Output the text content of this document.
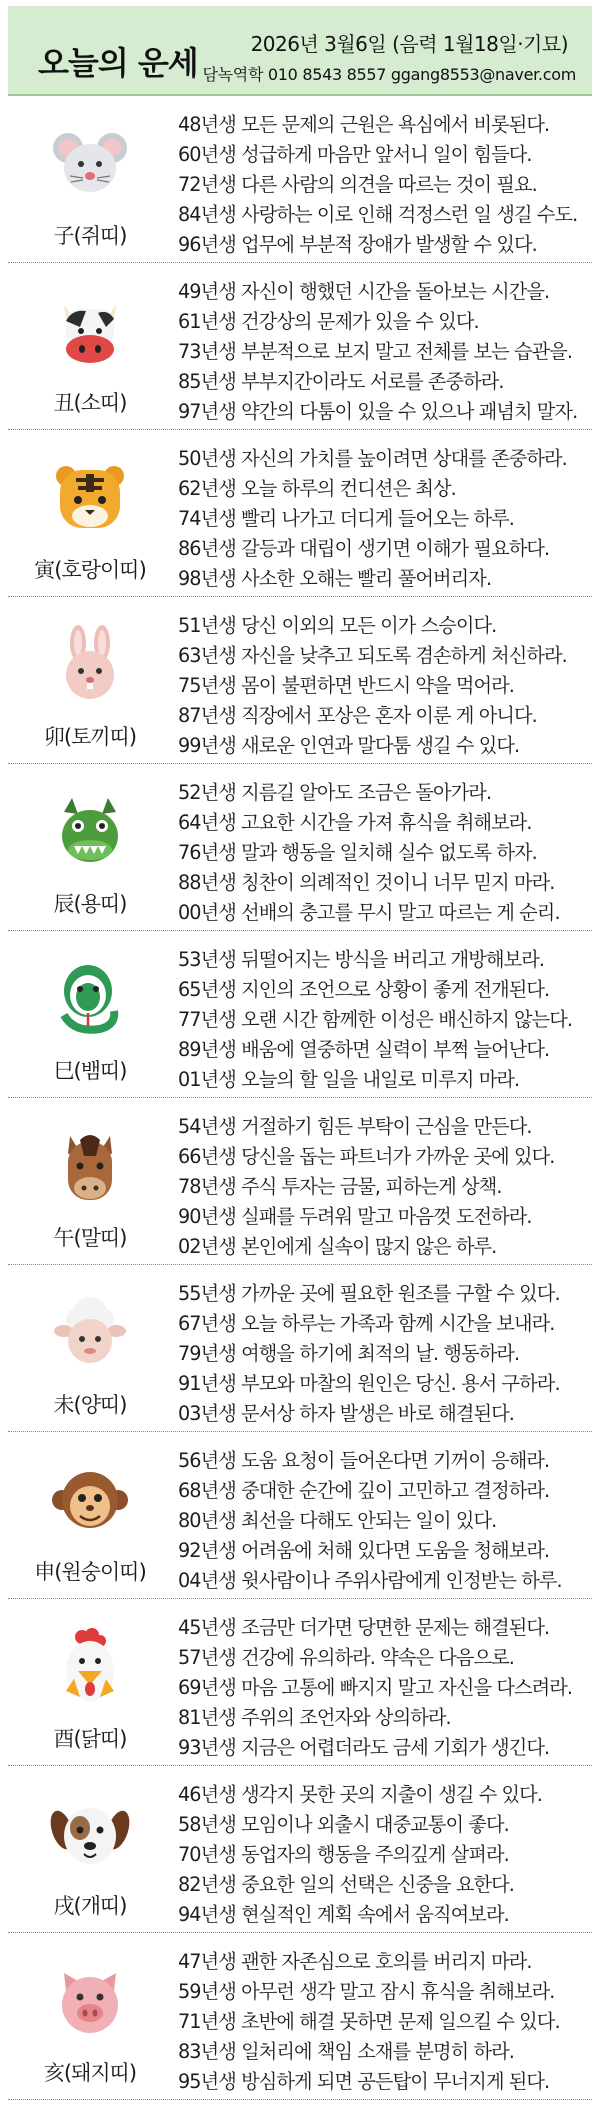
오늘의 운세	2026년 3월6일 (음력 1월18일·기묘)
담녹역학 010 8543 8557 ggang8553@naver.com
子(쥐띠)
48년생 모든 문제의 근원은 욕심에서 비롯된다.
60년생 성급하게 마음만 앞서니 일이 힘들다.
72년생 다른 사람의 의견을 따르는 것이 필요.
84년생 사랑하는 이로 인해 걱정스런 일 생길 수도.
96년생 업무에 부분적 장애가 발생할 수 있다.
丑(소띠)
49년생 자신이 행했던 시간을 돌아보는 시간을.
61년생 건강상의 문제가 있을 수 있다.
73년생 부분적으로 보지 말고 전체를 보는 습관을.
85년생 부부지간이라도 서로를 존중하라.
97년생 약간의 다툼이 있을 수 있으나 괘념치 말자.
寅(호랑이띠)
50년생 자신의 가치를 높이려면 상대를 존중하라.
62년생 오늘 하루의 컨디션은 최상.
74년생 빨리 나가고 더디게 들어오는 하루.
86년생 갈등과 대립이 생기면 이해가 필요하다.
98년생 사소한 오해는 빨리 풀어버리자.
卯(토끼띠)
51년생 당신 이외의 모든 이가 스승이다.
63년생 자신을 낮추고 되도록 겸손하게 처신하라.
75년생 몸이 불편하면 반드시 약을 먹어라.
87년생 직장에서 포상은 혼자 이룬 게 아니다.
99년생 새로운 인연과 말다툼 생길 수 있다.
辰(용띠)
52년생 지름길 알아도 조금은 돌아가라.
64년생 고요한 시간을 가져 휴식을 취해보라.
76년생 말과 행동을 일치해 실수 없도록 하자.
88년생 칭찬이 의례적인 것이니 너무 믿지 마라.
00년생 선배의 충고를 무시 말고 따르는 게 순리.
巳(뱀띠)
53년생 뒤떨어지는 방식을 버리고 개방해보라.
65년생 지인의 조언으로 상황이 좋게 전개된다.
77년생 오랜 시간 함께한 이성은 배신하지 않는다.
89년생 배움에 열중하면 실력이 부쩍 늘어난다.
01년생 오늘의 할 일을 내일로 미루지 마라.
午(말띠)
54년생 거절하기 힘든 부탁이 근심을 만든다.
66년생 당신을 돕는 파트너가 가까운 곳에 있다.
78년생 주식 투자는 금물, 피하는게 상책.
90년생 실패를 두려워 말고 마음껏 도전하라.
02년생 본인에게 실속이 많지 않은 하루.
未(양띠)
55년생 가까운 곳에 필요한 원조를 구할 수 있다.
67년생 오늘 하루는 가족과 함께 시간을 보내라.
79년생 여행을 하기에 최적의 날. 행동하라.
91년생 부모와 마찰의 원인은 당신. 용서 구하라.
03년생 문서상 하자 발생은 바로 해결된다.
申(원숭이띠)
56년생 도움 요청이 들어온다면 기꺼이 응해라.
68년생 중대한 순간에 깊이 고민하고 결정하라.
80년생 최선을 다해도 안되는 일이 있다.
92년생 어려움에 처해 있다면 도움을 청해보라.
04년생 윗사람이나 주위사람에게 인정받는 하루.
酉(닭띠)
45년생 조금만 더가면 당면한 문제는 해결된다.
57년생 건강에 유의하라. 약속은 다음으로.
69년생 마음 고통에 빠지지 말고 자신을 다스려라.
81년생 주위의 조언자와 상의하라.
93년생 지금은 어렵더라도 금세 기회가 생긴다.
戌(개띠)
46년생 생각지 못한 곳의 지출이 생길 수 있다.
58년생 모임이나 외출시 대중교통이 좋다.
70년생 동업자의 행동을 주의깊게 살펴라.
82년생 중요한 일의 선택은 신중을 요한다.
94년생 현실적인 계획 속에서 움직여보라.
亥(돼지띠)
47년생 괜한 자존심으로 호의를 버리지 마라.
59년생 아무런 생각 말고 잠시 휴식을 취해보라.
71년생 초반에 해결 못하면 문제 일으킬 수 있다.
83년생 일처리에 책임 소재를 분명히 하라.
95년생 방심하게 되면 공든탑이 무너지게 된다.
